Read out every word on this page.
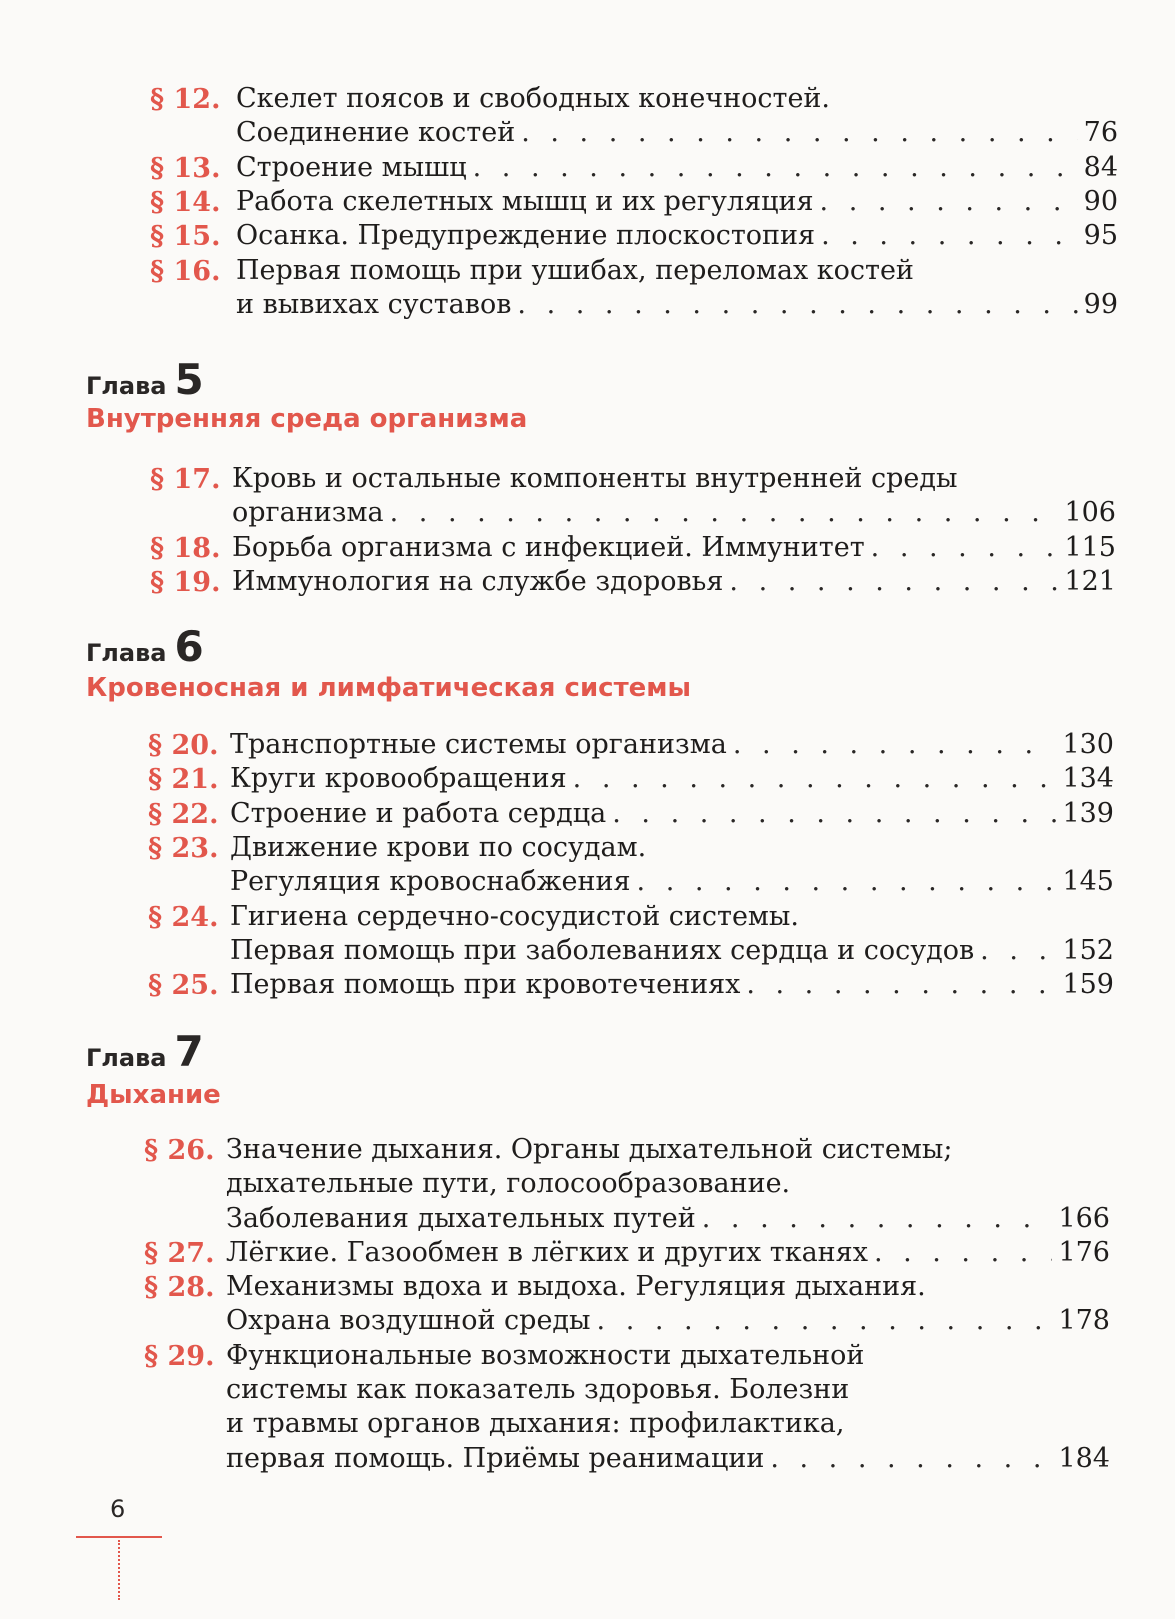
§ 12. Скелет поясов и свободных конечностей.
Соединение костей . . .	76
§ 13. Строение мышц . . .	84
§ 14. Работа скелетных мышц и их регуляция . . .	90
§ 15. Осанка. Предупреждение плоскостопия . . .	95
§ 16. Первая помощь при ушибах, переломах костей
и вывихах суставов . . .	99
Глава 5
Внутренняя среда организма
§ 17. Кровь и остальные компоненты внутренней среды
организма . . .	106
§ 18. Борьба организма с инфекцией. Иммунитет . . .	115
§ 19. Иммунология на службе здоровья . . .	121
Глава 6
Кровеносная и лимфатическая системы
§ 20. Транспортные системы организма . . .	130
§ 21. Круги кровообращения . . .	134
§ 22. Строение и работа сердца . . .	139
§ 23. Движение крови по сосудам.
Регуляция кровоснабжения . . .	145
§ 24. Гигиена сердечно-сосудистой системы.
Первая помощь при заболеваниях сердца и сосудов . . .	152
§ 25. Первая помощь при кровотечениях . . .	159
Глава 7
Дыхание
§ 26. Значение дыхания. Органы дыхательной системы;
дыхательные пути, голосообразование.
Заболевания дыхательных путей . . .	166
§ 27. Лёгкие. Газообмен в лёгких и других тканях . . .	176
§ 28. Механизмы вдоха и выдоха. Регуляция дыхания.
Охрана воздушной среды . . .	178
§ 29. Функциональные возможности дыхательной
системы как показатель здоровья. Болезни
и травмы органов дыхания: профилактика,
первая помощь. Приёмы реанимации . . .	184
6
